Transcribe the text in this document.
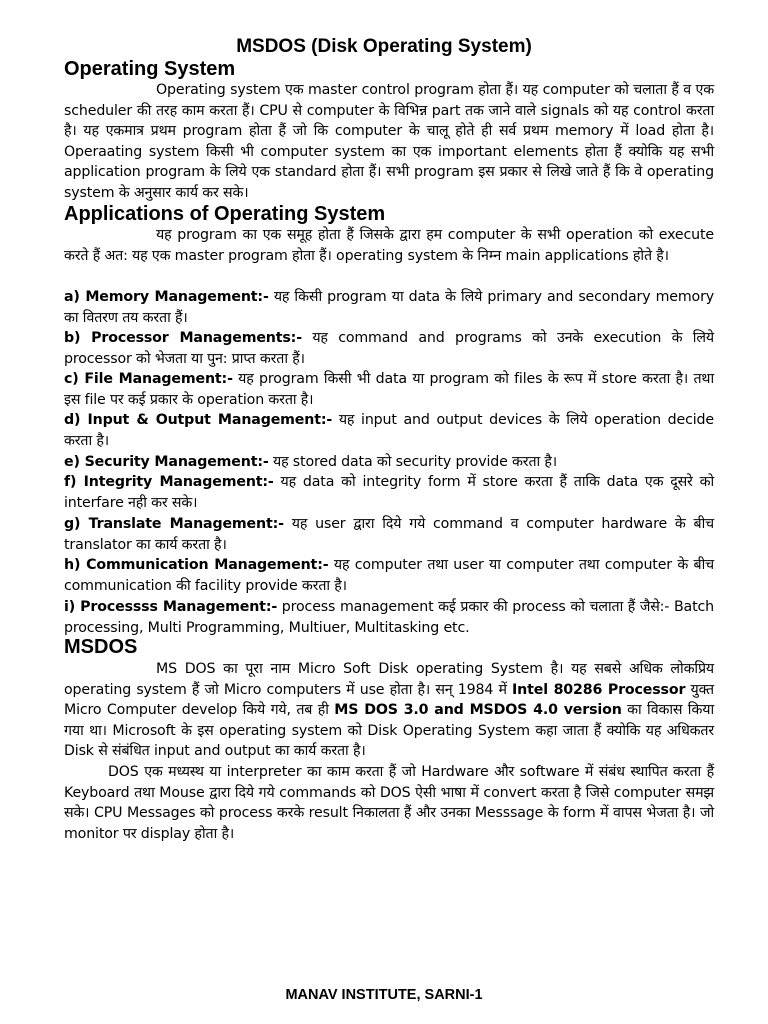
MSDOS (Disk Operating System)
Operating System
Operating system एक master control program होता हैं। यह computer को चलाता हैं व एक scheduler की तरह काम करता हैं। CPU से computer के विभिन्न part तक जाने वाले signals को यह control करता है। यह एकमात्र प्रथम program होता हैं जो कि computer के चालू होते ही सर्व प्रथम memory में load होता है। Operaating system किसी भी computer system का एक important elements होता हैं क्योकि यह सभी application program के लिये एक standard होता हैं। सभी program इस प्रकार से लिखे जाते हैं कि वे operating system के अनुसार कार्य कर सके।
Applications of Operating System
यह program का एक समूह होता हैं जिसके द्वारा हम computer के सभी operation को execute करते हैं अत: यह एक master program होता हैं। operating system के निम्न main applications होते है।
a) Memory Management:- यह किसी program या data के लिये primary and secondary memory का वितरण तय करता हैं।
b) Processor Managements:- यह command and programs को उनके execution के लिये processor को भेजता या पुन: प्राप्त करता हैं।
c) File Management:- यह program किसी भी data या program को files के रूप में store करता है। तथा इस file पर कई प्रकार के operation करता है।
d) Input & Output Management:- यह input and output devices के लिये operation decide करता है।
e) Security Management:- यह stored data को security provide करता है।
f) Integrity Management:- यह data को integrity form में store करता हैं ताकि data एक दूसरे को interfare नही कर सके।
g) Translate Management:- यह user द्वारा दिये गये command व computer hardware के बीच translator का कार्य करता है।
h) Communication Management:- यह computer तथा user या computer तथा computer के बीच communication की facility provide करता है।
i) Processss Management:- process management कई प्रकार की process को चलाता हैं जैसे:- Batch processing, Multi Programming, Multiuer, Multitasking etc.
MSDOS
MS DOS का पूरा नाम Micro Soft Disk operating System है। यह सबसे अधिक लोकप्रिय operating system हैं जो Micro computers में use होता है। सन् 1984 में Intel 80286 Processor युक्त Micro Computer develop किये गये, तब ही MS DOS 3.0 and MSDOS 4.0 version का विकास किया गया था। Microsoft के इस operating system को Disk Operating System कहा जाता हैं क्योकि यह अधिकतर Disk से संबंधित input and output का कार्य करता है।
DOS एक मध्यस्थ या interpreter का काम करता हैं जो Hardware और software में संबंध स्थापित करता हैं Keyboard तथा Mouse द्वारा दिये गये commands को DOS ऐसी भाषा में convert करता है जिसे computer समझ सके। CPU Messages को process करके result निकालता हैं और उनका Messsage के form में वापस भेजता है। जो monitor पर display होता है।
MANAV INSTITUTE, SARNI-1
